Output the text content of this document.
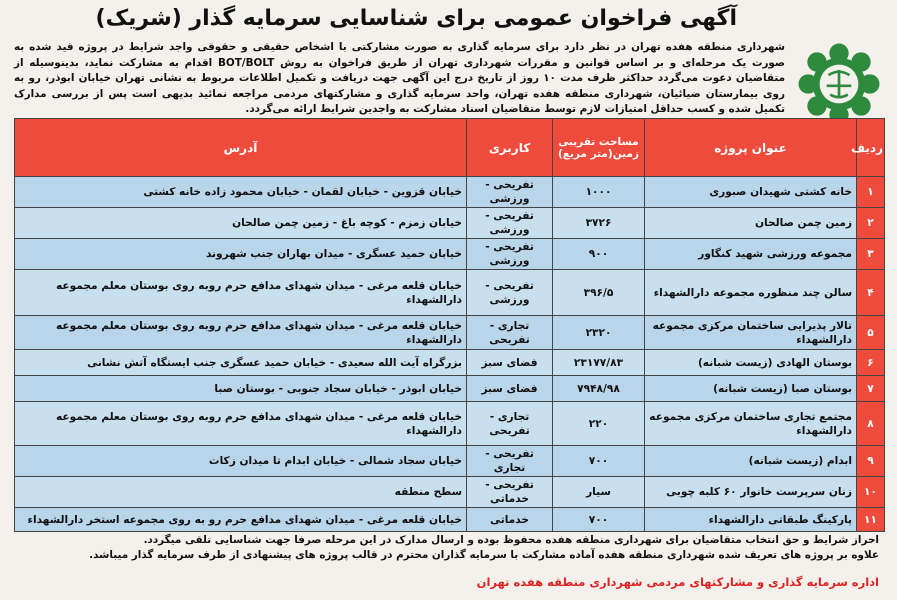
آگهی فراخوان عمومی برای شناسایی سرمایه گذار (شریک)
شهرداری منطقه هفده تهران در نظر دارد برای سرمایه گذاری به صورت مشارکتی با اشخاص حقیقی و حقوقی واجد شرایط در پروژه قید شده به صورت یک مرحله‌ای و بر اساس قوانین و مقررات شهرداری تهران از طریق فراخوان به روش BOT/BOLT اقدام به مشارکت نماید، بدینوسیله از متقاضیان دعوت می‌گردد حداکثر ظرف مدت ۱۰ روز از تاریخ درج این آگهی جهت دریافت و تکمیل اطلاعات مربوط به نشانی تهران خیابان ابوذر، رو به روی بیمارستان ضیائیان، شهرداری منطقه هفده تهران، واحد سرمایه گذاری و مشارکتهای مردمی مراجعه نمائید بدیهی است پس از بررسی مدارک تکمیل شده و کسب حداقل امتیازات لازم توسط متقاضیان اسناد مشارکت به واجدین شرایط ارائه می‌گردد.
ردیف	عنوان پروژه	مساحت تقریبی زمین(متر مربع)	کاربری	آدرس
۱	خانه کشتی شهیدان صبوری	۱۰۰۰	تفریحی - ورزشی	خیابان قزوین - خیابان لقمان - خیابان محمود زاده خانه کشتی
۲	زمین چمن صالحان	۳۷۲۶	تفریحی - ورزشی	خیابان زمزم - کوچه باغ - زمین چمن صالحان
۳	مجموعه ورزشی شهید کنگاور	۹۰۰	تفریحی - ورزشی	خیابان حمید عسگری - میدان بهاران جنب شهروند
۴	سالن چند منظوره مجموعه دارالشهداء	۳۹۶/۵	تفریحی - ورزشی	خیابان قلعه مرغی - میدان شهدای مدافع حرم روبه روی بوستان معلم مجموعه دارالشهداء
۵	تالار پذیرایی ساختمان مرکزی مجموعه دارالشهداء	۲۳۲۰	تجاری - تفریحی	خیابان قلعه مرغی - میدان شهدای مدافع حرم روبه روی بوستان معلم مجموعه دارالشهداء
۶	بوستان الهادی (زیست شبانه)	۲۳۱۷۷/۸۳	فضای سبز	بزرگراه آیت الله سعیدی - خیابان حمید عسگری جنب ایستگاه آتش نشانی
۷	بوستان صبا (زیست شبانه)	۷۹۴۸/۹۸	فضای سبز	خیابان ابوذر - خیابان سجاد جنوبی - بوستان صبا
۸	مجتمع تجاری ساختمان مرکزی مجموعه دارالشهداء	۲۲۰	تجاری - تفریحی	خیابان قلعه مرغی - میدان شهدای مدافع حرم روبه روی بوستان معلم مجموعه دارالشهداء
۹	ابدام (زیست شبانه)	۷۰۰	تفریحی - تجاری	خیابان سجاد شمالی - خیابان ابدام تا میدان زکات
۱۰	زنان سرپرست خانوار ۶۰ کلبه چوبی	سیار	تفریحی - خدماتی	سطح منطقه
۱۱	پارکینگ طبقاتی دارالشهداء	۷۰۰	خدماتی	خیابان قلعه مرغی - میدان شهدای مدافع حرم رو به روی مجموعه استخر دارالشهداء
احراز شرایط و حق انتخاب متقاضیان برای شهرداری منطقه هفده محفوظ بوده و ارسال مدارک در این مرحله صرفا جهت شناسایی تلقی میگردد.
علاوه بر پروژه های تعریف شده شهرداری منطقه هفده آماده مشارکت با سرمایه گذاران محترم در قالب پروژه های پیشنهادی از طرف سرمایه گذار میباشد.
اداره سرمایه گذاری و مشارکتهای مردمی شهرداری منطقه هفده تهران
